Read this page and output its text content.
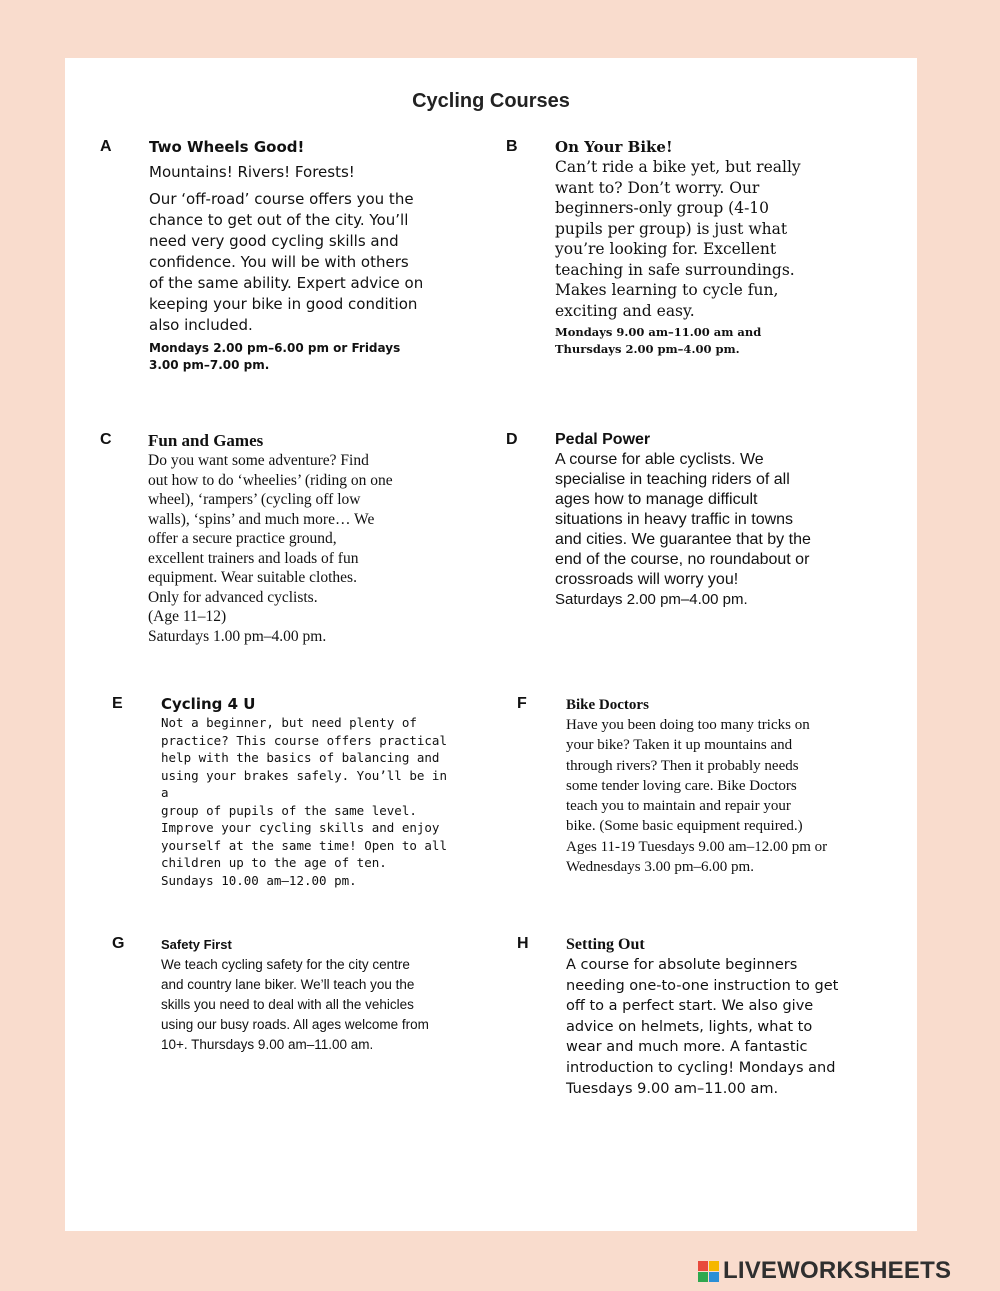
Cycling Courses
A Two Wheels Good!
Mountains! Rivers! Forests!
Our ‘off-road’ course offers you the
chance to get out of the city. You’ll
need very good cycling skills and
confidence. You will be with others
of the same ability. Expert advice on
keeping your bike in good condition
also included.
Mondays 2.00 pm–6.00 pm or Fridays
3.00 pm–7.00 pm.
B On Your Bike!
Can’t ride a bike yet, but really
want to? Don’t worry. Our
beginners-only group (4-10
pupils per group) is just what
you’re looking for. Excellent
teaching in safe surroundings.
Makes learning to cycle fun,
exciting and easy.
Mondays 9.00 am–11.00 am and
Thursdays 2.00 pm–4.00 pm.
C Fun and Games
Do you want some adventure? Find
out how to do ‘wheelies’ (riding on one
wheel), ‘rampers’ (cycling off low
walls), ‘spins’ and much more… We
offer a secure practice ground,
excellent trainers and loads of fun
equipment. Wear suitable clothes.
Only for advanced cyclists.
(Age 11–12)
Saturdays 1.00 pm–4.00 pm.
D Pedal Power
A course for able cyclists. We
specialise in teaching riders of all
ages how to manage difficult
situations in heavy traffic in towns
and cities. We guarantee that by the
end of the course, no roundabout or
crossroads will worry you!
Saturdays 2.00 pm–4.00 pm.
E	Cycling 4 U
Not a beginner, but need plenty of
practice? This course offers practical
help with the basics of balancing and
using your brakes safely. You’ll be in a
group of pupils of the same level.
Improve your cycling skills and enjoy
yourself at the same time! Open to all
children up to the age of ten.
Sundays 10.00 am–12.00 pm.
F	Bike Doctors
Have you been doing too many tricks on
your bike? Taken it up mountains and
through rivers? Then it probably needs
some tender loving care. Bike Doctors
teach you to maintain and repair your
bike. (Some basic equipment required.)
Ages 11-19 Tuesdays 9.00 am–12.00 pm or
Wednesdays 3.00 pm–6.00 pm.
G	Safety First
We teach cycling safety for the city centre
and country lane biker. We’ll teach you the
skills you need to deal with all the vehicles
using our busy roads. All ages welcome from
10+. Thursdays 9.00 am–11.00 am.
H Setting Out
A course for absolute beginners
needing one-to-one instruction to get
off to a perfect start. We also give
advice on helmets, lights, what to
wear and much more. A fantastic
introduction to cycling! Mondays and
Tuesdays 9.00 am–11.00 am.
LIVEWORKSHEETS
